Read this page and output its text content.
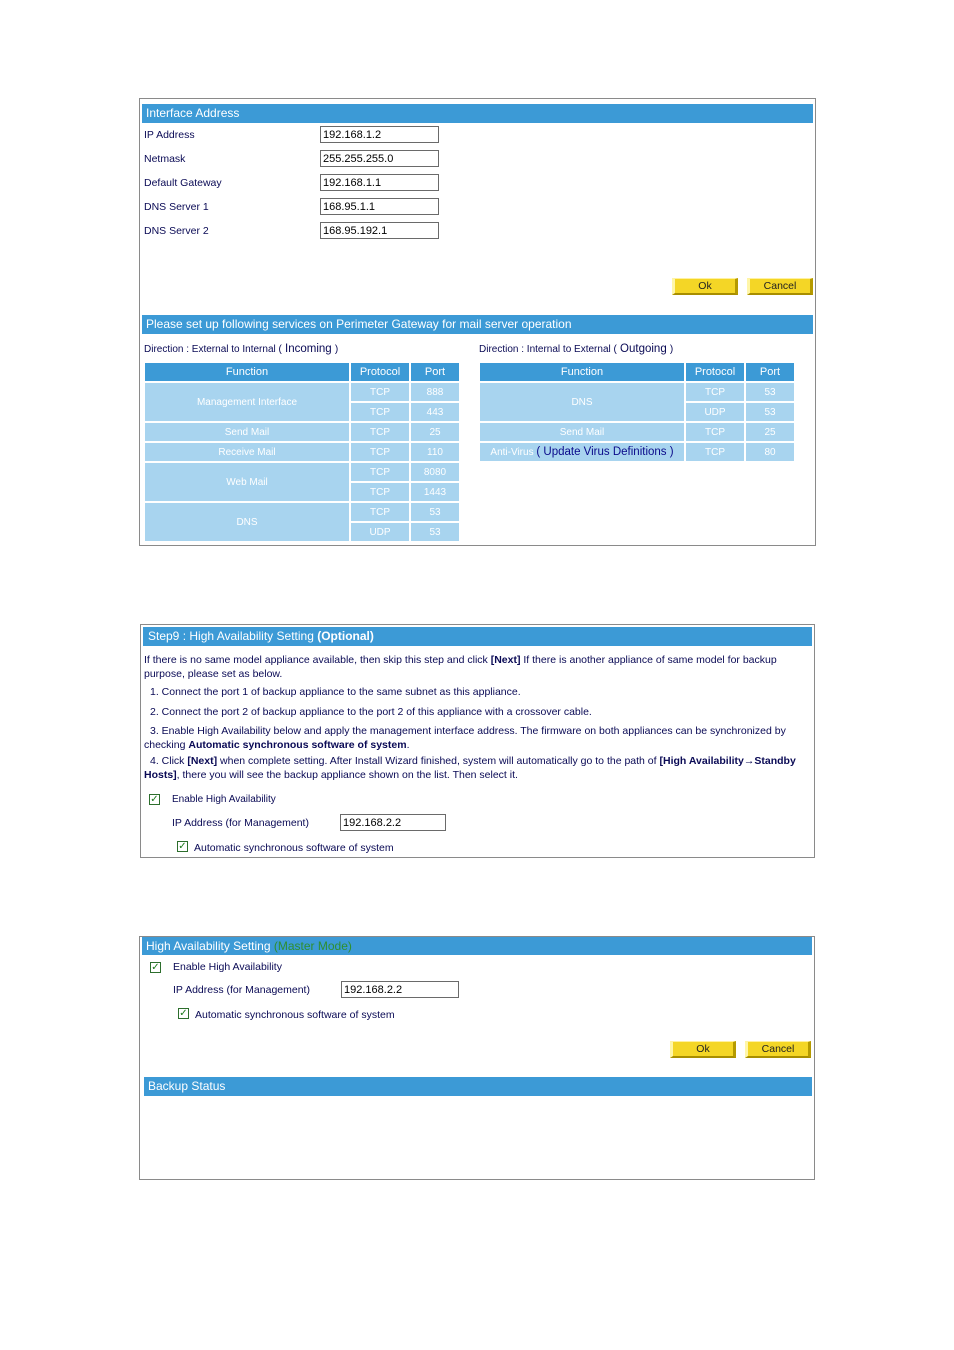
Interface Address
IP Address
192.168.1.2
Netmask
255.255.255.0
Default Gateway
192.168.1.1
DNS Server 1
168.95.1.1
DNS Server 2
168.95.192.1
Ok	Cancel
Please set up following services on Perimeter Gateway for mail server operation
Direction : External to Internal ( Incoming )	Direction : Internal to External ( Outgoing )
Function	Protocol	Port
Management Interface	TCP	888
	TCP	443
Send Mail	TCP	25
Receive Mail	TCP	110
Web Mail	TCP	8080
	TCP	1443
DNS	TCP	53
	UDP	53
Function	Protocol	Port
DNS	TCP	53
	UDP	53
Send Mail	TCP	25
Anti-Virus ( Update Virus Definitions )	TCP	80
Step9 : High Availability Setting (Optional)
If there is no same model appliance available, then skip this step and click [Next] If there is another appliance of same model for backup purpose, please set as below.
1. Connect the port 1 of backup appliance to the same subnet as this appliance.
2. Connect the port 2 of backup appliance to the port 2 of this appliance with a crossover cable.
3. Enable High Availability below and apply the management interface address. The firmware on both appliances can be synchronized by checking Automatic synchronous software of system.
4. Click [Next] when complete setting. After Install Wizard finished, system will automatically go to the path of [High Availability→Standby Hosts], there you will see the backup appliance shown on the list. Then select it.
✓ Enable High Availability
IP Address (for Management)
192.168.2.2
✓ Automatic synchronous software of system
High Availability Setting (Master Mode)
✓ Enable High Availability
IP Address (for Management)
192.168.2.2
✓ Automatic synchronous software of system
Ok	Cancel
Backup Status
